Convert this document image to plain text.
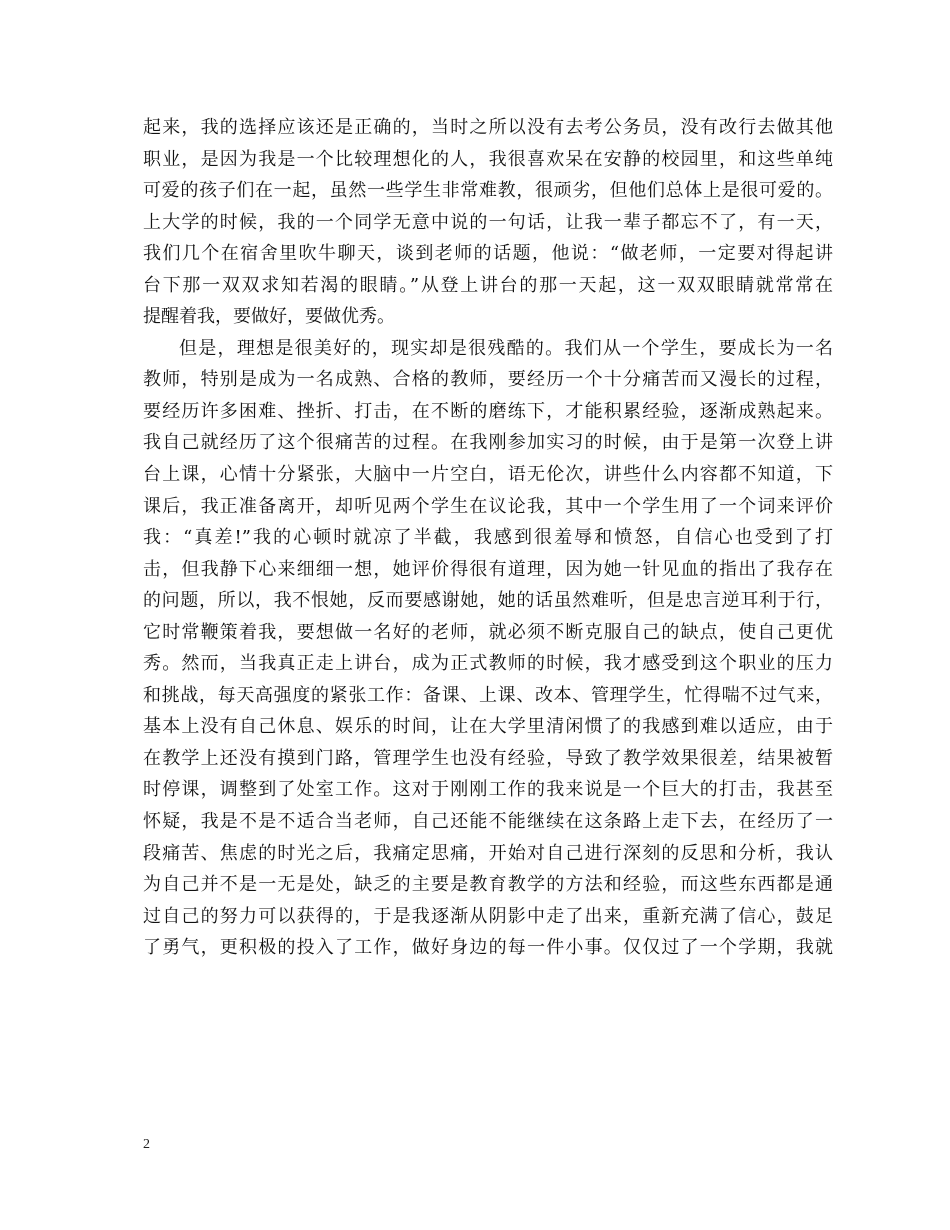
起来，我的选择应该还是正确的，当时之所以没有去考公务员，没有改行去做其他
职业，是因为我是一个比较理想化的人，我很喜欢呆在安静的校园里，和这些单纯
可爱的孩子们在一起，虽然一些学生非常难教，很顽劣，但他们总体上是很可爱的。
上大学的时候，我的一个同学无意中说的一句话，让我一辈子都忘不了，有一天，
我们几个在宿舍里吹牛聊天，谈到老师的话题，他说：“做老师，一定要对得起讲
台下那一双双求知若渴的眼睛。”从登上讲台的那一天起，这一双双眼睛就常常在
提醒着我，要做好，要做优秀。
但是，理想是很美好的，现实却是很残酷的。我们从一个学生，要成长为一名
教师，特别是成为一名成熟、合格的教师，要经历一个十分痛苦而又漫长的过程，
要经历许多困难、挫折、打击，在不断的磨练下，才能积累经验，逐渐成熟起来。
我自己就经历了这个很痛苦的过程。在我刚参加实习的时候，由于是第一次登上讲
台上课，心情十分紧张，大脑中一片空白，语无伦次，讲些什么内容都不知道，下
课后，我正准备离开，却听见两个学生在议论我，其中一个学生用了一个词来评价
我：“真差!”我的心顿时就凉了半截，我感到很羞辱和愤怒，自信心也受到了打
击，但我静下心来细细一想，她评价得很有道理，因为她一针见血的指出了我存在
的问题，所以，我不恨她，反而要感谢她，她的话虽然难听，但是忠言逆耳利于行，
它时常鞭策着我，要想做一名好的老师，就必须不断克服自己的缺点，使自己更优
秀。然而，当我真正走上讲台，成为正式教师的时候，我才感受到这个职业的压力
和挑战，每天高强度的紧张工作：备课、上课、改本、管理学生，忙得喘不过气来，
基本上没有自己休息、娱乐的时间，让在大学里清闲惯了的我感到难以适应，由于
在教学上还没有摸到门路，管理学生也没有经验，导致了教学效果很差，结果被暂
时停课，调整到了处室工作。这对于刚刚工作的我来说是一个巨大的打击，我甚至
怀疑，我是不是不适合当老师，自己还能不能继续在这条路上走下去，在经历了一
段痛苦、焦虑的时光之后，我痛定思痛，开始对自己进行深刻的反思和分析，我认
为自己并不是一无是处，缺乏的主要是教育教学的方法和经验，而这些东西都是通
过自己的努力可以获得的，于是我逐渐从阴影中走了出来，重新充满了信心，鼓足
了勇气，更积极的投入了工作，做好身边的每一件小事。仅仅过了一个学期，我就
2
